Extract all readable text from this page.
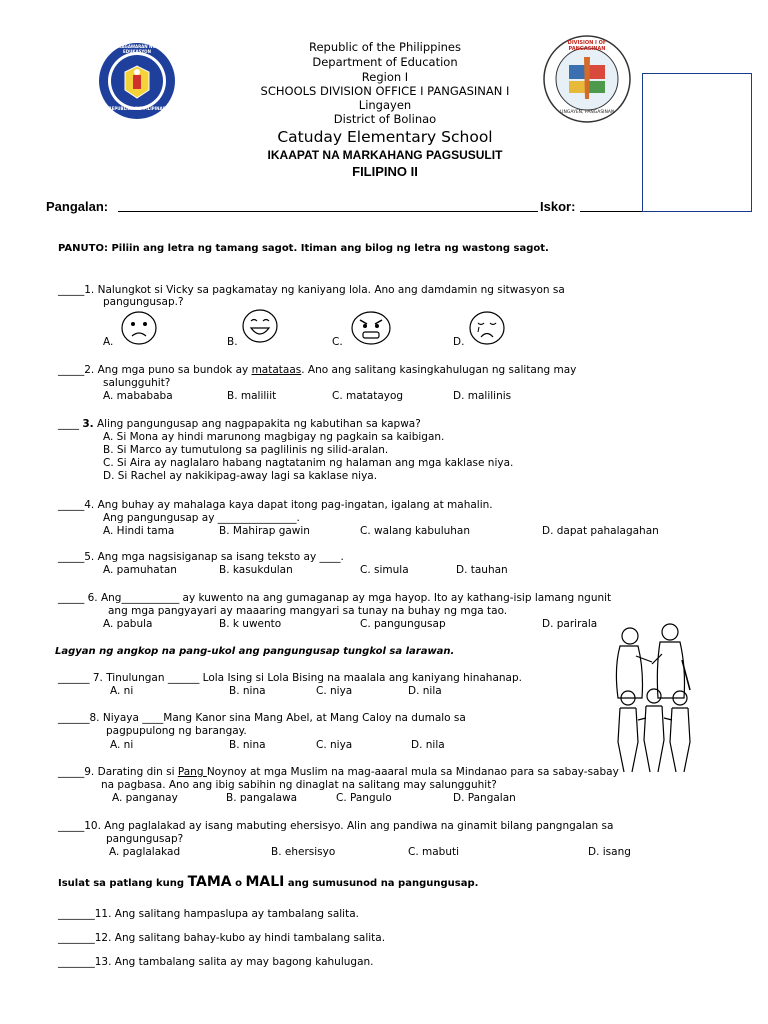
KAGAWARAN NG EDUKASYON
REPUBLIKA NG PILIPINAS
DIVISION I OF PANGASINAN
LINGAYEN, PANGASINAN
Republic of the Philippines
Department of Education
Region I
SCHOOLS DIVISION OFFICE I PANGASINAN I
Lingayen
District of Bolinao
Catuday Elementary School
IKAAPAT NA MARKAHANG PAGSUSULIT
FILIPINO II
Pangalan:	Iskor:
PANUTO: Piliin ang letra ng tamang sagot. Itiman ang bilog ng letra ng wastong sagot.
_____1. Nalungkot si Vicky sa pagkamatay ng kaniyang lola. Ano ang damdamin ng sitwasyon sa
pangungusap.?
A.	B.	C.	D.
_____2. Ang mga puno sa bundok ay matataas. Ano ang salitang kasingkahulugan ng salitang may
salungguhit?
A. mabababa	B. maliliit	C. matatayog	D. malilinis
____ 3. Aling pangungusap ang nagpapakita ng kabutihan sa kapwa?
A. Si Mona ay hindi marunong magbigay ng pagkain sa kaibigan.
B. Si Marco ay tumutulong sa paglilinis ng silid-aralan.
C. Si Aira ay naglalaro habang nagtatanim ng halaman ang mga kaklase niya.
D. Si Rachel ay nakikipag-away lagi sa kaklase niya.
_____4. Ang buhay ay mahalaga kaya dapat itong pag-ingatan, igalang at mahalin.
Ang pangungusap ay _______________.
A. Hindi tama	B. Mahirap gawin	C. walang kabuluhan	D. dapat pahalagahan
_____5. Ang mga nagsisiganap sa isang teksto ay ____.
A. pamuhatan	B. kasukdulan	C. simula	D. tauhan
_____ 6. Ang___________ ay kuwento na ang gumaganap ay mga hayop. Ito ay kathang-isip lamang ngunit
ang mga pangyayari ay maaaring mangyari sa tunay na buhay ng mga tao.
A. pabula	B. k uwento	C. pangungusap	D. parirala
Lagyan ng angkop na pang-ukol ang pangungusap tungkol sa larawan.
______ 7. Tinulungan ______ Lola Ising si Lola Bising na maalala ang kaniyang hinahanap.
A. ni	B. nina	C. niya	D. nila
______8. Niyaya ____Mang Kanor sina Mang Abel, at Mang Caloy na dumalo sa
pagpupulong ng barangay.
A. ni	B. nina	C. niya	D. nila
_____9. Darating din si Pang Noynoy at mga Muslim na mag-aaaral mula sa Mindanao para sa sabay-sabay
na pagbasa. Ano ang ibig sabihin ng dinaglat na salitang may salungguhit?
A. panganay	B. pangalawa	C. Pangulo	D. Pangalan
_____10. Ang paglalakad ay isang mabuting ehersisyo. Alin ang pandiwa na ginamit bilang pangngalan sa
pangungusap?
A. paglalakad	B. ehersisyo	C. mabuti	D. isang
Isulat sa patlang kung TAMA o MALI ang sumusunod na pangungusap.
_______11. Ang salitang hampaslupa ay tambalang salita.
_______12. Ang salitang bahay-kubo ay hindi tambalang salita.
_______13. Ang tambalang salita ay may bagong kahulugan.
